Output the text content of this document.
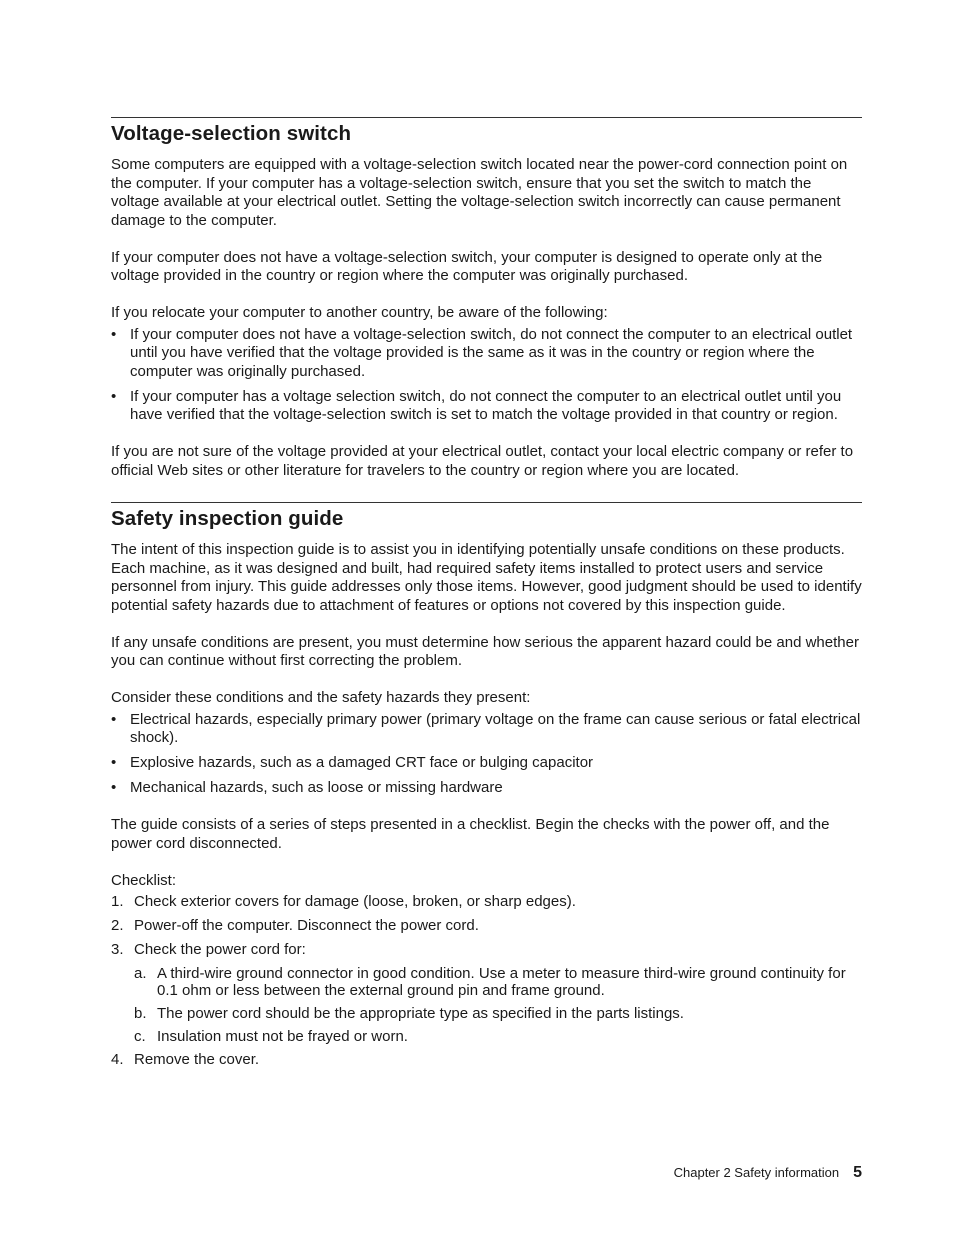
Voltage-selection switch

Some computers are equipped with a voltage-selection switch located near the power-cord connection point on the computer. If your computer has a voltage-selection switch, ensure that you set the switch to match the voltage available at your electrical outlet. Setting the voltage-selection switch incorrectly can cause permanent damage to the computer.

If your computer does not have a voltage-selection switch, your computer is designed to operate only at the voltage provided in the country or region where the computer was originally purchased.

If you relocate your computer to another country, be aware of the following:

• If your computer does not have a voltage-selection switch, do not connect the computer to an electrical outlet until you have verified that the voltage provided is the same as it was in the country or region where the computer was originally purchased.
• If your computer has a voltage selection switch, do not connect the computer to an electrical outlet until you have verified that the voltage-selection switch is set to match the voltage provided in that country or region.

If you are not sure of the voltage provided at your electrical outlet, contact your local electric company or refer to official Web sites or other literature for travelers to the country or region where you are located.

Safety inspection guide

The intent of this inspection guide is to assist you in identifying potentially unsafe conditions on these products. Each machine, as it was designed and built, had required safety items installed to protect users and service personnel from injury. This guide addresses only those items. However, good judgment should be used to identify potential safety hazards due to attachment of features or options not covered by this inspection guide.

If any unsafe conditions are present, you must determine how serious the apparent hazard could be and whether you can continue without first correcting the problem.

Consider these conditions and the safety hazards they present:

• Electrical hazards, especially primary power (primary voltage on the frame can cause serious or fatal electrical shock).
• Explosive hazards, such as a damaged CRT face or bulging capacitor
• Mechanical hazards, such as loose or missing hardware

The guide consists of a series of steps presented in a checklist. Begin the checks with the power off, and the power cord disconnected.

Checklist:

1. Check exterior covers for damage (loose, broken, or sharp edges).
2. Power-off the computer. Disconnect the power cord.
3. Check the power cord for:
a. A third-wire ground connector in good condition. Use a meter to measure third-wire ground continuity for 0.1 ohm or less between the external ground pin and frame ground.
b. The power cord should be the appropriate type as specified in the parts listings.
c. Insulation must not be frayed or worn.
4. Remove the cover.
Chapter 2 Safety information 5
